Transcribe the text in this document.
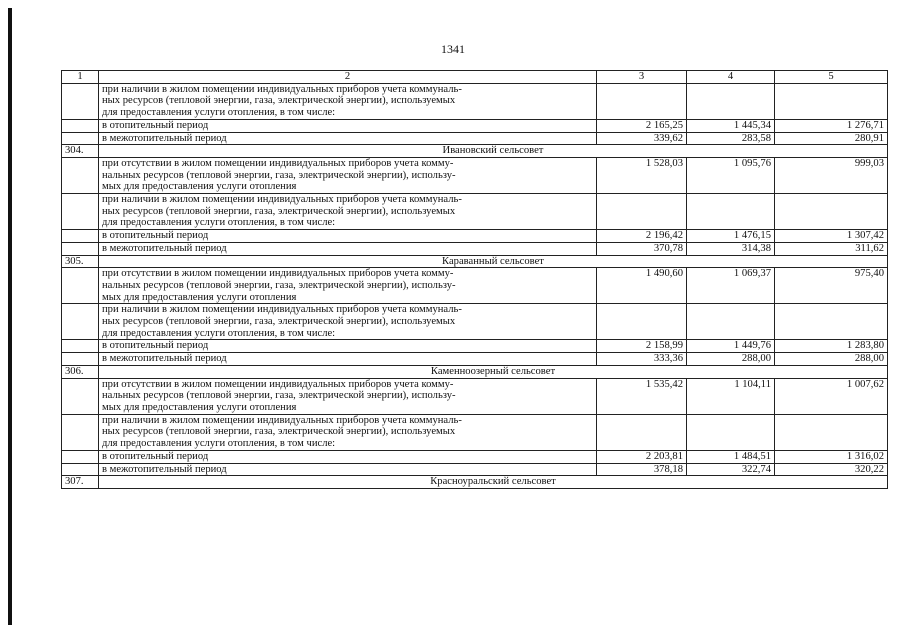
1341
1	2	3	4	5

	при наличии в жилом помещении индивидуальных приборов учета коммуналь-
ных ресурсов (тепловой энергии, газа, электрической энергии), используемых
для предоставления услуги отопления, в том числе:			

	в отопительный период	2 165,25	1 445,34	1 276,71
	в межотопительный период	339,62	283,58	280,91
304.	Ивановский сельсовет			

	при отсутствии в жилом помещении индивидуальных приборов учета комму-
нальных ресурсов (тепловой энергии, газа, электрической энергии), использу-
мых для предоставления услуги отопления	1 528,03	1 095,76	999,03

	при наличии в жилом помещении индивидуальных приборов учета коммуналь-
ных ресурсов (тепловой энергии, газа, электрической энергии), используемых
для предоставления услуги отопления, в том числе:			

	в отопительный период	2 196,42	1 476,15	1 307,42
	в межотопительный период	370,78	314,38	311,62
305.	Караванный сельсовет			

	при отсутствии в жилом помещении индивидуальных приборов учета комму-
нальных ресурсов (тепловой энергии, газа, электрической энергии), использу-
мых для предоставления услуги отопления	1 490,60	1 069,37	975,40

	при наличии в жилом помещении индивидуальных приборов учета коммуналь-
ных ресурсов (тепловой энергии, газа, электрической энергии), используемых
для предоставления услуги отопления, в том числе:			

	в отопительный период	2 158,99	1 449,76	1 283,80
	в межотопительный период	333,36	288,00	288,00
306.	Каменноозерный сельсовет			

	при отсутствии в жилом помещении индивидуальных приборов учета комму-
нальных ресурсов (тепловой энергии, газа, электрической энергии), использу-
мых для предоставления услуги отопления	1 535,42	1 104,11	1 007,62

	при наличии в жилом помещении индивидуальных приборов учета коммуналь-
ных ресурсов (тепловой энергии, газа, электрической энергии), используемых
для предоставления услуги отопления, в том числе:			

	в отопительный период	2 203,81	1 484,51	1 316,02
	в межотопительный период	378,18	322,74	320,22
307.	Красноуральский сельсовет			
